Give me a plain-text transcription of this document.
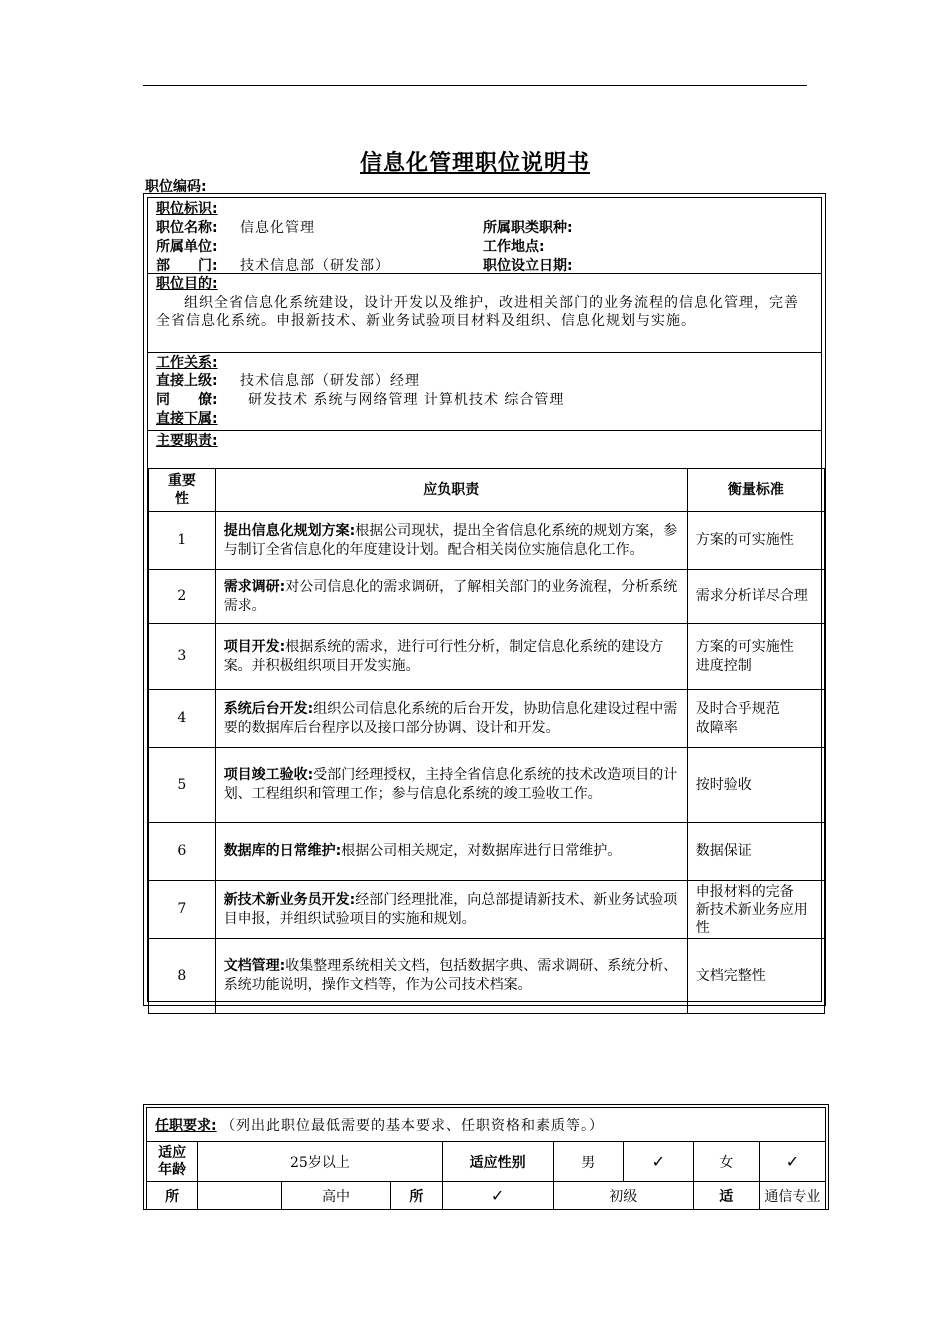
信息化管理职位说明书
职位编码:
职位标识:
职位名称: 信息化管理	所属职类职种:
所属单位:	工作地点:
部　　门: 技术信息部（研发部）	职位设立日期:
职位目的:
组织全省信息化系统建设，设计开发以及维护，改进相关部门的业务流程的信息化管理，完善全省信息化系统。申报新技术、新业务试验项目材料及组织、信息化规划与实施。
工作关系:
直接上级: 技术信息部（研发部）经理
同　　僚: 研发技术 系统与网络管理 计算机技术 综合管理
直接下属:
主要职责:
重要
性	应负职责	衡量标准
1	提出信息化规划方案:根据公司现状，提出全省信息化系统的规划方案，参与制订全省信息化的年度建设计划。配合相关岗位实施信息化工作。	方案的可实施性
2	需求调研:对公司信息化的需求调研，了解相关部门的业务流程，分析系统需求。	需求分析详尽合理
3	项目开发:根据系统的需求，进行可行性分析，制定信息化系统的建设方案。并积极组织项目开发实施。	方案的可实施性
进度控制
4	系统后台开发:组织公司信息化系统的后台开发，协助信息化建设过程中需要的数据库后台程序以及接口部分协调、设计和开发。	及时合乎规范
故障率
5	项目竣工验收:受部门经理授权，主持全省信息化系统的技术改造项目的计划、工程组织和管理工作；参与信息化系统的竣工验收工作。	按时验收
6	数据库的日常维护:根据公司相关规定，对数据库进行日常维护。	数据保证
7	新技术新业务员开发:经部门经理批准，向总部提请新技术、新业务试验项目申报，并组织试验项目的实施和规划。	申报材料的完备
新技术新业务应用性
8	文档管理:收集整理系统相关文档，包括数据字典、需求调研、系统分析、系统功能说明，操作文档等，作为公司技术档案。	文档完整性
任职要求: （列出此职位最低需要的基本要求、任职资格和素质等。）								
适应
年龄	25岁以上			适应性别	男	✓	女	✓
所		高中	所	✓	初级		适	通信专业
